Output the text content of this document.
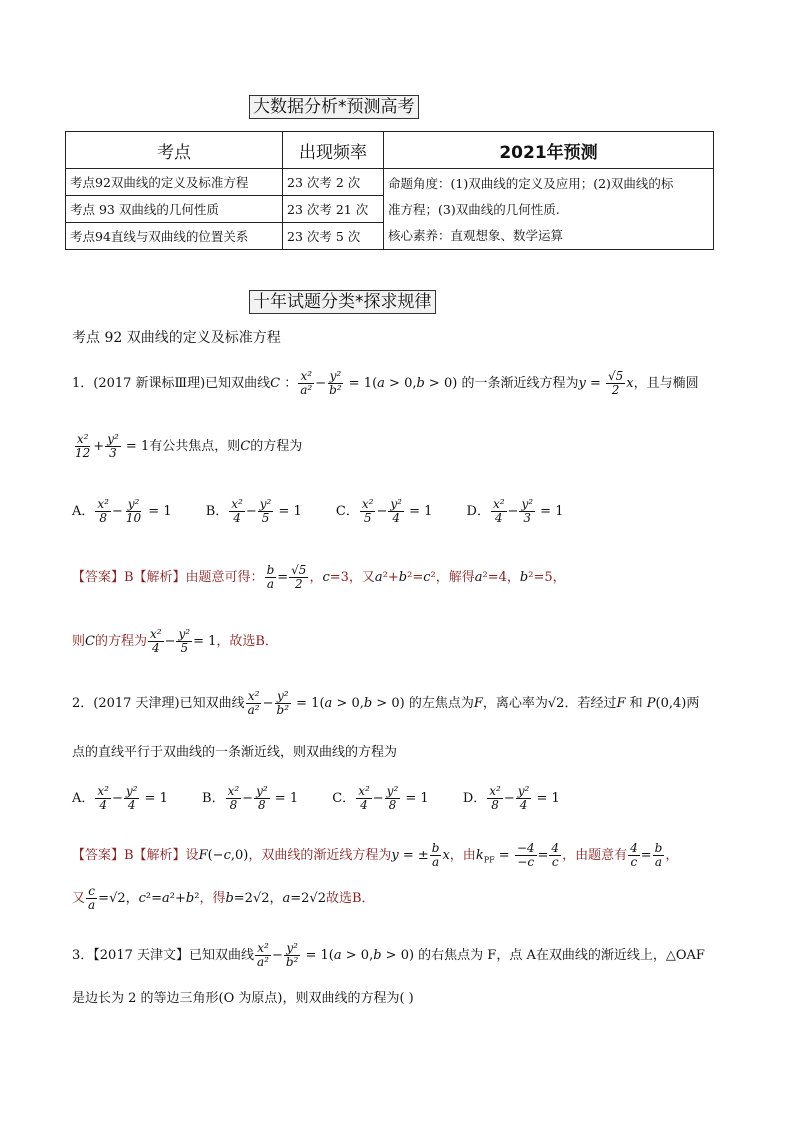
大数据分析*预测高考
考点	出现频率	2021年预测
考点92双曲线的定义及标准方程	23 次考 2 次	命题角度：(1)双曲线的定义及应用；(2)双曲线的标
准方程；(3)双曲线的几何性质.
核心素养：直观想象、数学运算

考点 93 双曲线的几何性质	23 次考 21 次	
考点94直线与双曲线的位置关系	23 次考 5 次	
十年试题分类*探求规律
考点 92 双曲线的定义及标准方程
1．(2017 新课标Ⅲ理)已知双曲线C ： $\frac{\text{x²}}{\text{a²}} - \frac{\text{y²}}{\text{b²}} = 1(a > 0,b > 0)$ 的一条渐近线方程为$y = \frac{√5}{2}$ x，且与椭圆
$\frac{\text{x²}}{12} + \frac{\text{y²}}{3} = 1$有公共焦点，则C的方程为
A． $\frac{\text{x²}}{8} - \frac{\text{y²}}{10} = 1$ B． $\frac{\text{x²}}{4} - \frac{\text{y²}}{5} = 1$ C． $\frac{\text{x²}}{5} - \frac{\text{y²}}{4} = 1$ D． $\frac{\text{x²}}{4} - \frac{\text{y²}}{3} = 1$
【答案】B【解析】由题意可得： $\frac{b}{a} = \frac{√5}{2}$ ，c=3，又a²+b²=c²，解得a²=4，b²=5，
则C的方程为 $\frac{\text{x²}}{4} - \frac{\text{y²}}{5} = 1$，故选B．
2．(2017 天津理)已知双曲线 $\frac{\text{x²}}{\text{a²}} - \frac{\text{y²}}{\text{b²}} = 1(a > 0,b > 0)$ 的左焦点为F，离心率为√2．若经过F 和 P(0,4)两
点的直线平行于双曲线的一条渐近线，则双曲线的方程为
A． $\frac{\text{x²}}{4} - \frac{\text{y²}}{4} = 1$ B． $\frac{\text{x²}}{8} - \frac{\text{y²}}{8} = 1$ C． $\frac{\text{x²}}{4} - \frac{\text{y²}}{8} = 1$ D． $\frac{\text{x²}}{8} - \frac{\text{y²}}{4} = 1$
【答案】B【解析】设F(−c,0)，双曲线的渐近线方程为y = ± $\frac{b}{a}$ x，由$k_{PF} = \frac{-4}{-c} = \frac{4}{c}$ ，由题意有 $\frac{4}{c} = \frac{b}{a}$ ，
又 $\frac{c}{a} =√2$，c²=a²+b²，得b=2√2，a=2√2故选B．
3．【2017 天津文】已知双曲线 $\frac{\text{x²}}{\text{a²}} - \frac{\text{y²}}{\text{b²}} = 1(a > 0,b > 0)$ 的右焦点为 F，点 A在双曲线的渐近线上，△OAF
是边长为 2 的等边三角形(O 为原点)，则双曲线的方程为( )
